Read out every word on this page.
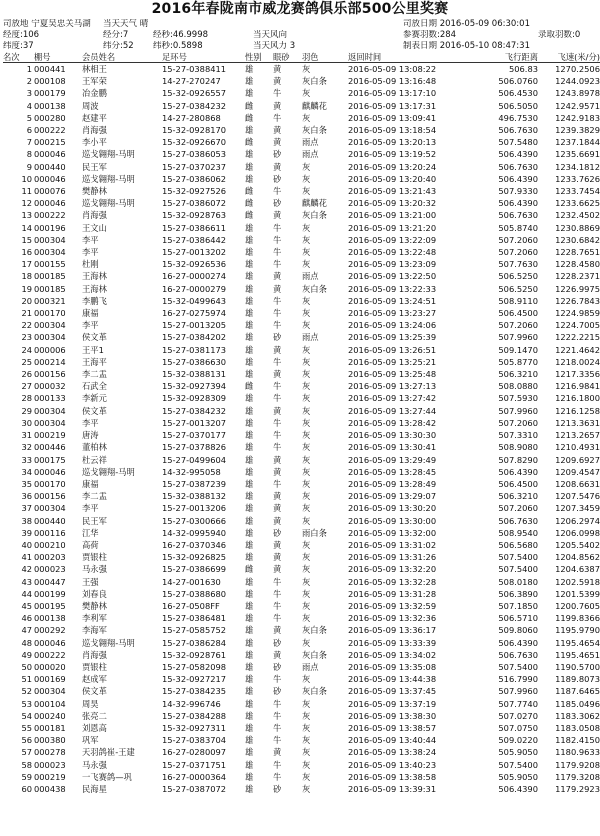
2016年春陇南市威龙赛鸽俱乐部500公里奖赛
司放地 宁夏吴忠关马湖	当天天气 晴	司放日期 2016-05-09 06:30:01
经度:106	经分:7	经秒:46.9998	当天风向	参赛羽数:284	录取羽数:0
纬度:37	纬分:52	纬秒:0.5898	当天风力 3	制表日期 2016-05-10 08:47:31
名次	棚号	会员姓名	足环号	性别	眼砂	羽色	返回时间	飞行距离	飞速(米/分)
1	000441	林相王	15-27-0388411	雄	黄	灰	2016-05-09 13:08:22	506.83	1270.2506
2	000108	王军荣	14-27-270247	雄	黄	灰白条	2016-05-09 13:16:48	506.0760	1244.0923
3	000179	冶金鹏	15-32-0926557	雄	牛	灰	2016-05-09 13:17:10	506.4530	1243.8978
4	000138	周波	15-27-0384232	雌	黄	麒麟花	2016-05-09 13:17:31	506.5050	1242.9571
5	000280	赵建平	14-27-280868	雌	牛	灰	2016-05-09 13:09:41	496.7530	1242.9183
6	000222	肖海强	15-32-0928170	雄	黄	灰白条	2016-05-09 13:18:54	506.7630	1239.3829
7	000215	李小平	15-32-0926670	雌	黄	雨点	2016-05-09 13:20:13	507.5480	1237.1844
8	000046	巡戈翱翔-马明	15-27-0386053	雄	砂	雨点	2016-05-09 13:19:52	506.4390	1235.6691
9	000440	民王军	15-27-0370237	雄	黄	灰	2016-05-09 13:20:24	506.7630	1234.1812
10	000046	巡戈翱翔-马明	15-27-0386062	雄	砂	灰	2016-05-09 13:20:40	506.4390	1233.7626
11	000076	樊静林	15-32-0927526	雌	牛	灰	2016-05-09 13:21:43	507.9330	1233.7454
12	000046	巡戈翱翔-马明	15-27-0386072	雌	砂	麒麟花	2016-05-09 13:20:32	506.4390	1233.6625
13	000222	肖海强	15-32-0928763	雌	黄	灰白条	2016-05-09 13:21:00	506.7630	1232.4502
14	000196	王文山	15-27-0386611	雄	牛	灰	2016-05-09 13:21:20	505.8740	1230.8869
15	000304	李平	15-27-0386442	雄	牛	灰	2016-05-09 13:22:09	507.2060	1230.6842
16	000304	李平	15-27-0013202	雄	牛	灰	2016-05-09 13:22:48	507.2060	1228.7651
17	000155	杜刚	15-32-0926536	雄	牛	灰	2016-05-09 13:23:09	507.7630	1228.4580
18	000185	王海林	16-27-0000274	雄	黄	雨点	2016-05-09 13:22:50	506.5250	1228.2371
19	000185	王海林	16-27-0000279	雄	黄	灰白条	2016-05-09 13:22:33	506.5250	1226.9975
20	000321	李鹏飞	15-32-0499643	雄	牛	灰	2016-05-09 13:24:51	508.9110	1226.7843
21	000170	康福	16-27-0275974	雄	牛	灰	2016-05-09 13:23:27	506.4500	1224.9859
22	000304	李平	15-27-0013205	雄	牛	灰	2016-05-09 13:24:06	507.2060	1224.7005
23	000304	侯文革	15-27-0384202	雄	砂	雨点	2016-05-09 13:25:39	507.9960	1222.2215
24	000006	王平1	15-27-0381173	雄	黄	灰	2016-05-09 13:26:51	509.1470	1221.4642
25	000214	王海平	15-27-0386630	雄	牛	灰	2016-05-09 13:25:21	505.8770	1218.0024
26	000156	李二盂	15-32-0388131	雄	黄	灰	2016-05-09 13:25:48	506.3210	1217.3356
27	000032	石武全	15-32-0927394	雌	牛	灰	2016-05-09 13:27:13	508.0880	1216.9841
28	000133	李新元	15-32-0928309	雄	牛	灰	2016-05-09 13:27:42	507.5930	1216.1800
29	000304	侯文革	15-27-0384232	雄	黄	灰	2016-05-09 13:27:44	507.9960	1216.1258
30	000304	李平	15-27-0013207	雄	牛	灰	2016-05-09 13:28:42	507.2060	1213.3631
31	000219	唐涛	15-27-0370177	雄	牛	灰	2016-05-09 13:30:30	507.3310	1213.2657
32	000446	董柏林	15-27-0378826	雄	牛	灰	2016-05-09 13:30:41	508.9080	1210.4931
33	000175	杜云祥	15-27-0499604	雄	黄	灰	2016-05-09 13:29:49	507.8290	1209.6927
34	000046	巡戈翱翔-马明	14-32-995058	雄	黄	灰	2016-05-09 13:28:45	506.4390	1209.4547
35	000170	康福	15-27-0387239	雄	牛	灰	2016-05-09 13:28:49	506.4500	1208.6631
36	000156	李二盂	15-32-0388132	雄	黄	灰	2016-05-09 13:29:07	506.3210	1207.5476
37	000304	李平	15-27-0013206	雄	黄	灰	2016-05-09 13:30:20	507.2060	1207.3459
38	000440	民王军	15-27-0300666	雄	黄	灰	2016-05-09 13:30:00	506.7630	1206.2974
39	000116	江华	14-32-0995940	雄	砂	雨白条	2016-05-09 13:32:00	508.9540	1206.0998
40	000210	高荷	16-27-0370346	雄	黄	灰	2016-05-09 13:31:02	506.5680	1205.5402
41	000203	贾银柱	15-32-0926825	雄	黄	灰	2016-05-09 13:31:26	507.5400	1204.8562
42	000023	马永强	15-27-0386699	雌	黄	灰	2016-05-09 13:32:20	507.5400	1204.6387
43	000447	王强	14-27-001630	雄	牛	灰	2016-05-09 13:32:28	508.0180	1202.5918
44	000199	刘春良	15-27-0388680	雄	牛	灰	2016-05-09 13:31:28	506.3890	1201.5399
45	000195	樊静林	16-27-0508FF	雄	牛	灰	2016-05-09 13:32:59	507.1850	1200.7605
46	000138	李利军	15-27-0386481	雄	牛	灰	2016-05-09 13:32:36	506.5710	1199.8366
47	000292	李海军	15-27-0585752	雄	黄	灰白条	2016-05-09 13:36:17	509.8060	1195.9790
48	000046	巡戈翱翔-马明	15-27-0386284	雄	砂	灰	2016-05-09 13:33:39	506.4390	1195.4654
49	000222	肖海强	15-32-0928761	雄	黄	灰白条	2016-05-09 13:34:02	506.7630	1195.4651
50	000020	贾银柱	15-27-0582098	雄	砂	雨点	2016-05-09 13:35:08	507.5400	1190.5700
51	000169	赵成军	15-32-0927217	雄	牛	灰	2016-05-09 13:44:38	516.7990	1189.8073
52	000304	侯文革	15-27-0384235	雄	砂	灰白条	2016-05-09 13:37:45	507.9960	1187.6465
53	000104	周昊	14-32-996746	雄	牛	灰	2016-05-09 13:37:19	507.7740	1185.0496
54	000240	张亮二	15-27-0384288	雄	牛	灰	2016-05-09 13:38:30	507.0270	1183.3062
55	000181	刘恩高	15-32-0927311	雄	牛	灰	2016-05-09 13:38:57	507.0750	1183.0508
56	000380	巩军	15-27-0383704	雄	牛	灰	2016-05-09 13:40:44	509.0220	1182.4150
57	000278	天羽鸽崔-王建	16-27-0280097	雄	黄	灰	2016-05-09 13:38:24	505.9050	1180.9633
58	000023	马永强	15-27-0371751	雄	牛	灰	2016-05-09 13:40:23	507.5400	1179.9208
59	000219	一飞赛鸽—巩	16-27-0000364	雄	牛	灰	2016-05-09 13:38:58	505.9050	1179.3208
60	000438	民海星	15-27-0387072	雄	砂	灰	2016-05-09 13:39:31	506.4390	1179.2923
